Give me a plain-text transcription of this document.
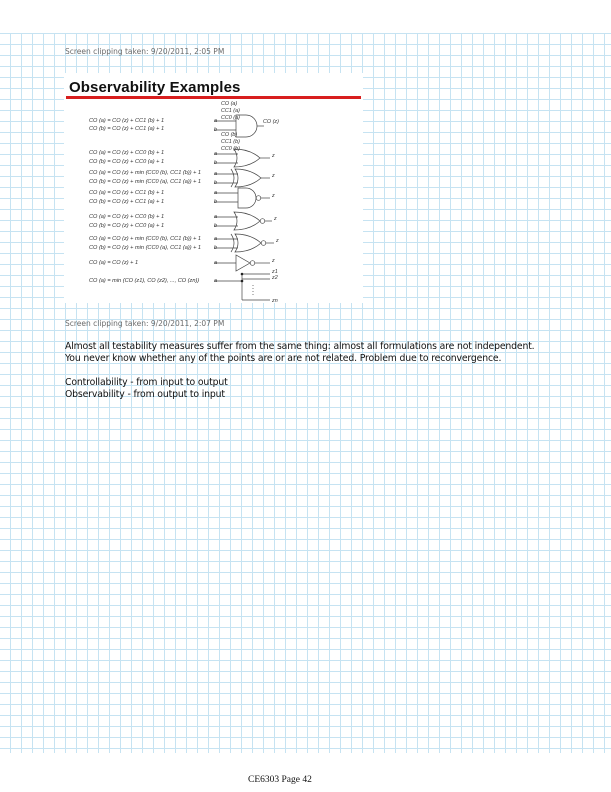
Screen clipping taken: 9/20/2011, 2:05 PM
Observability Examples
CO (a) = CO (z) + CC1 (b) + 1
CO (b) = CO (z) + CC1 (a) + 1
CO (a) = CO (z) + CC0 (b) + 1
CO (b) = CO (z) + CC0 (a) + 1
CO (a) = CO (z) + min (CC0 (b), CC1 (b)) + 1
CO (b) = CO (z) + min (CC0 (a), CC1 (a)) + 1
CO (a) = CO (z) + CC1 (b) + 1
CO (b) = CO (z) + CC1 (a) + 1
CO (a) = CO (z) + CC0 (b) + 1
CO (b) = CO (z) + CC0 (a) + 1
CO (a) = CO (z) + min (CC0 (b), CC1 (b)) + 1
CO (b) = CO (z) + min (CC0 (a), CC1 (a)) + 1
CO (a) = CO (z) + 1
CO (a) = min (CO (z1), CO (z2), ..., CO (zn))
CO (a)
CC1 (a)
CC0 (a)
a
b
CO (b)
CC1 (b)
CC0 (b)
CO (z)
a
b
z
a
b
z
a
b
z
a
b
z
a
b
z
a	z
a
z1
z2
zn
Screen clipping taken: 9/20/2011, 2:07 PM
Almost all testability measures suffer from the same thing: almost all formulations are not independent.
You never know whether any of the points are or are not related. Problem due to reconvergence.
Controllability - from input to output
Observability - from output to input
CE6303 Page 42
